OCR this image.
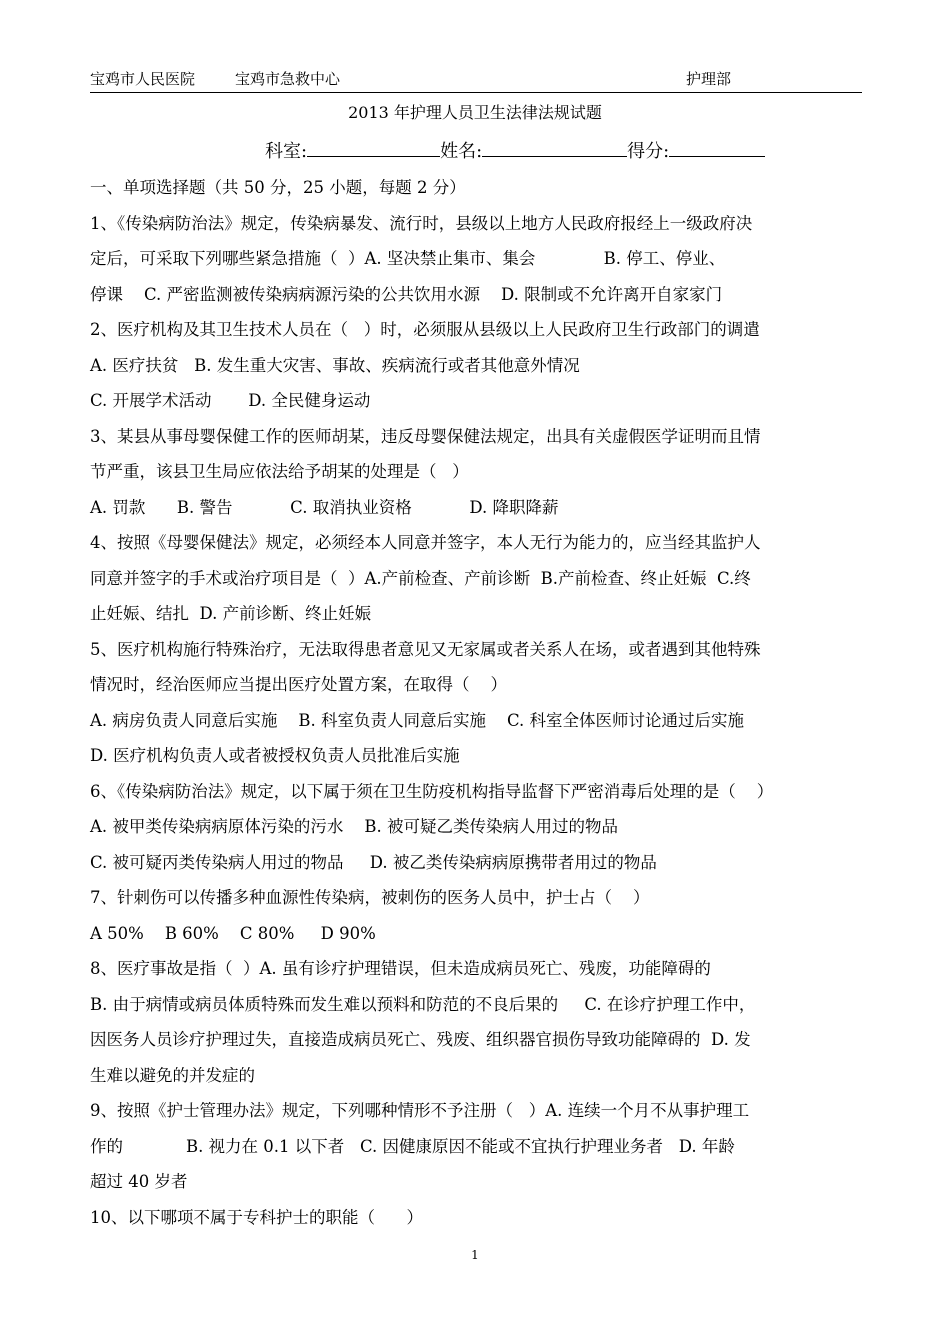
宝鸡市人民医院	宝鸡市急救中心	护理部
2013 年护理人员卫生法律法规试题
科室:	姓名:	得分:

一、单项选择题（共 50 分，25 小题，每题 2 分）

1、《传染病防治法》规定，传染病暴发、流行时，县级以上地方人民政府报经上一级政府决

定后，可采取下列哪些紧急措施（  ）A. 坚决禁止集市、集会             B. 停工、停业、

停课    C. 严密监测被传染病病源污染的公共饮用水源    D. 限制或不允许离开自家家门

2、医疗机构及其卫生技术人员在（   ）时，必须服从县级以上人民政府卫生行政部门的调遣

A. 医疗扶贫   B. 发生重大灾害、事故、疾病流行或者其他意外情况

C. 开展学术活动       D. 全民健身运动

3、某县从事母婴保健工作的医师胡某，违反母婴保健法规定，出具有关虚假医学证明而且情

节严重，该县卫生局应依法给予胡某的处理是（   ）

A. 罚款      B. 警告           C. 取消执业资格           D. 降职降薪

4、按照《母婴保健法》规定，必须经本人同意并签字，本人无行为能力的，应当经其监护人

同意并签字的手术或治疗项目是（  ）A.产前检查、产前诊断  B.产前检查、终止妊娠  C.终

止妊娠、结扎  D. 产前诊断、终止妊娠

5、医疗机构施行特殊治疗，无法取得患者意见又无家属或者关系人在场，或者遇到其他特殊

情况时，经治医师应当提出医疗处置方案，在取得（    ）

A. 病房负责人同意后实施    B. 科室负责人同意后实施    C. 科室全体医师讨论通过后实施

D. 医疗机构负责人或者被授权负责人员批准后实施

6、《传染病防治法》规定，以下属于须在卫生防疫机构指导监督下严密消毒后处理的是（    ）

A. 被甲类传染病病原体污染的污水    B. 被可疑乙类传染病人用过的物品

C. 被可疑丙类传染病人用过的物品     D. 被乙类传染病病原携带者用过的物品

7、针刺伤可以传播多种血源性传染病，被刺伤的医务人员中，护士占（    ）

A 50%    B 60%    C 80%     D 90%

8、医疗事故是指（  ）A. 虽有诊疗护理错误，但未造成病员死亡、残废，功能障碍的

B. 由于病情或病员体质特殊而发生难以预料和防范的不良后果的     C. 在诊疗护理工作中，

因医务人员诊疗护理过失，直接造成病员死亡、残废、组织器官损伤导致功能障碍的  D. 发

生难以避免的并发症的

9、按照《护士管理办法》规定，下列哪种情形不予注册（   ）A. 连续一个月不从事护理工

作的            B. 视力在 0.1 以下者   C. 因健康原因不能或不宜执行护理业务者   D. 年龄

超过 40 岁者

10、以下哪项不属于专科护士的职能（      ）

1
